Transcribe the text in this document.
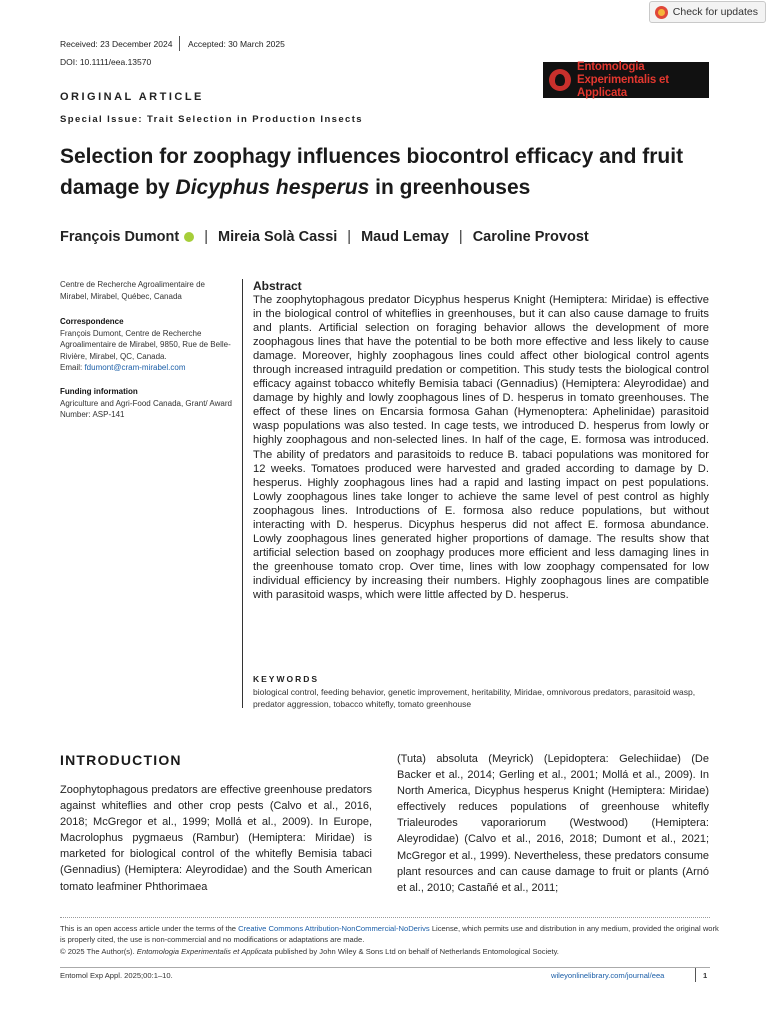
Check for updates
Received: 23 December 2024 Accepted: 30 March 2025
DOI: 10.1111/eea.13570	Entomologia
Experimentalis et Applicata
ORIGINAL ARTICLE
Special Issue: Trait Selection in Production Insects
Selection for zoophagy influences biocontrol efficacy and fruit damage by Dicyphus hesperus in greenhouses
François Dumont | Mireia Solà Cassi | Maud Lemay | Caroline Provost
Centre de Recherche Agroalimentaire de Mirabel, Mirabel, Québec, Canada
Correspondence
François Dumont, Centre de Recherche Agroalimentaire de Mirabel, 9850, Rue de Belle-Rivière, Mirabel, QC, Canada.
Email: fdumont@cram-mirabel.com
Funding information
Agriculture and Agri-Food Canada, Grant/ Award Number: ASP-141
Abstract
The zoophytophagous predator Dicyphus hesperus Knight (Hemiptera: Miridae) is effective in the biological control of whiteflies in greenhouses, but it can also cause damage to fruits and plants. Artificial selection on foraging behavior allows the development of more zoophagous lines that have the potential to be both more effective and less likely to cause damage. Moreover, highly zoophagous lines could affect other biological control agents through increased intraguild predation or competition. This study tests the biological control efficacy against tobacco whitefly Bemisia tabaci (Gennadius) (Hemiptera: Aleyrodidae) and damage by highly and lowly zoophagous lines of D. hesperus in tomato greenhouses. The effect of these lines on Encarsia formosa Gahan (Hymenoptera: Aphelinidae) parasitoid wasp populations was also tested. In cage tests, we introduced D. hesperus from lowly or highly zoophagous and non-selected lines. In half of the cage, E. formosa was introduced. The ability of predators and parasitoids to reduce B. tabaci populations was monitored for 12 weeks. Tomatoes produced were harvested and graded according to damage by D. hesperus. Highly zoophagous lines had a rapid and lasting impact on pest populations. Lowly zoophagous lines take longer to achieve the same level of pest control as highly zoophagous lines. Introductions of E. formosa also reduce populations, but without interacting with D. hesperus. Dicyphus hesperus did not affect E. formosa abundance. Lowly zoophagous lines generated higher proportions of damage. The results show that artificial selection based on zoophagy produces more efficient and less damaging lines in the greenhouse tomato crop. Over time, lines with low zoophagy compensated for low individual efficiency by increasing their numbers. Highly zoophagous lines are compatible with parasitoid wasps, which were little affected by D. hesperus.
KEYWORDS
biological control, feeding behavior, genetic improvement, heritability, Miridae, omnivorous predators, parasitoid wasp, predator aggression, tobacco whitefly, tomato greenhouse
INTRODUCTION
Zoophytophagous predators are effective greenhouse predators against whiteflies and other crop pests (Calvo et al., 2016, 2018; McGregor et al., 1999; Mollá et al., 2009). In Europe, Macrolophus pygmaeus (Rambur) (Hemiptera: Miridae) is marketed for biological control of the whitefly Bemisia tabaci (Gennadius) (Hemiptera: Aleyrodidae) and the South American tomato leafminer Phthorimaea
(Tuta) absoluta (Meyrick) (Lepidoptera: Gelechiidae) (De Backer et al., 2014; Gerling et al., 2001; Mollá et al., 2009). In North America, Dicyphus hesperus Knight (Hemiptera: Miridae) effectively reduces populations of greenhouse whitefly Trialeurodes vaporariorum (Westwood) (Hemiptera: Aleyrodidae) (Calvo et al., 2016, 2018; Dumont et al., 2021; McGregor et al., 1999). Nevertheless, these predators consume plant resources and can cause damage to fruit or plants (Arnó et al., 2010; Castañé et al., 2011;
This is an open access article under the terms of the Creative Commons Attribution-NonCommercial-NoDerivs License, which permits use and distribution in any medium, provided the original work is properly cited, the use is non-commercial and no modifications or adaptations are made.
© 2025 The Author(s). Entomologia Experimentalis et Applicata published by John Wiley & Sons Ltd on behalf of Netherlands Entomological Society.
Entomol Exp Appl. 2025;00:1–10.	wileyonlinelibrary.com/journal/eea	1
